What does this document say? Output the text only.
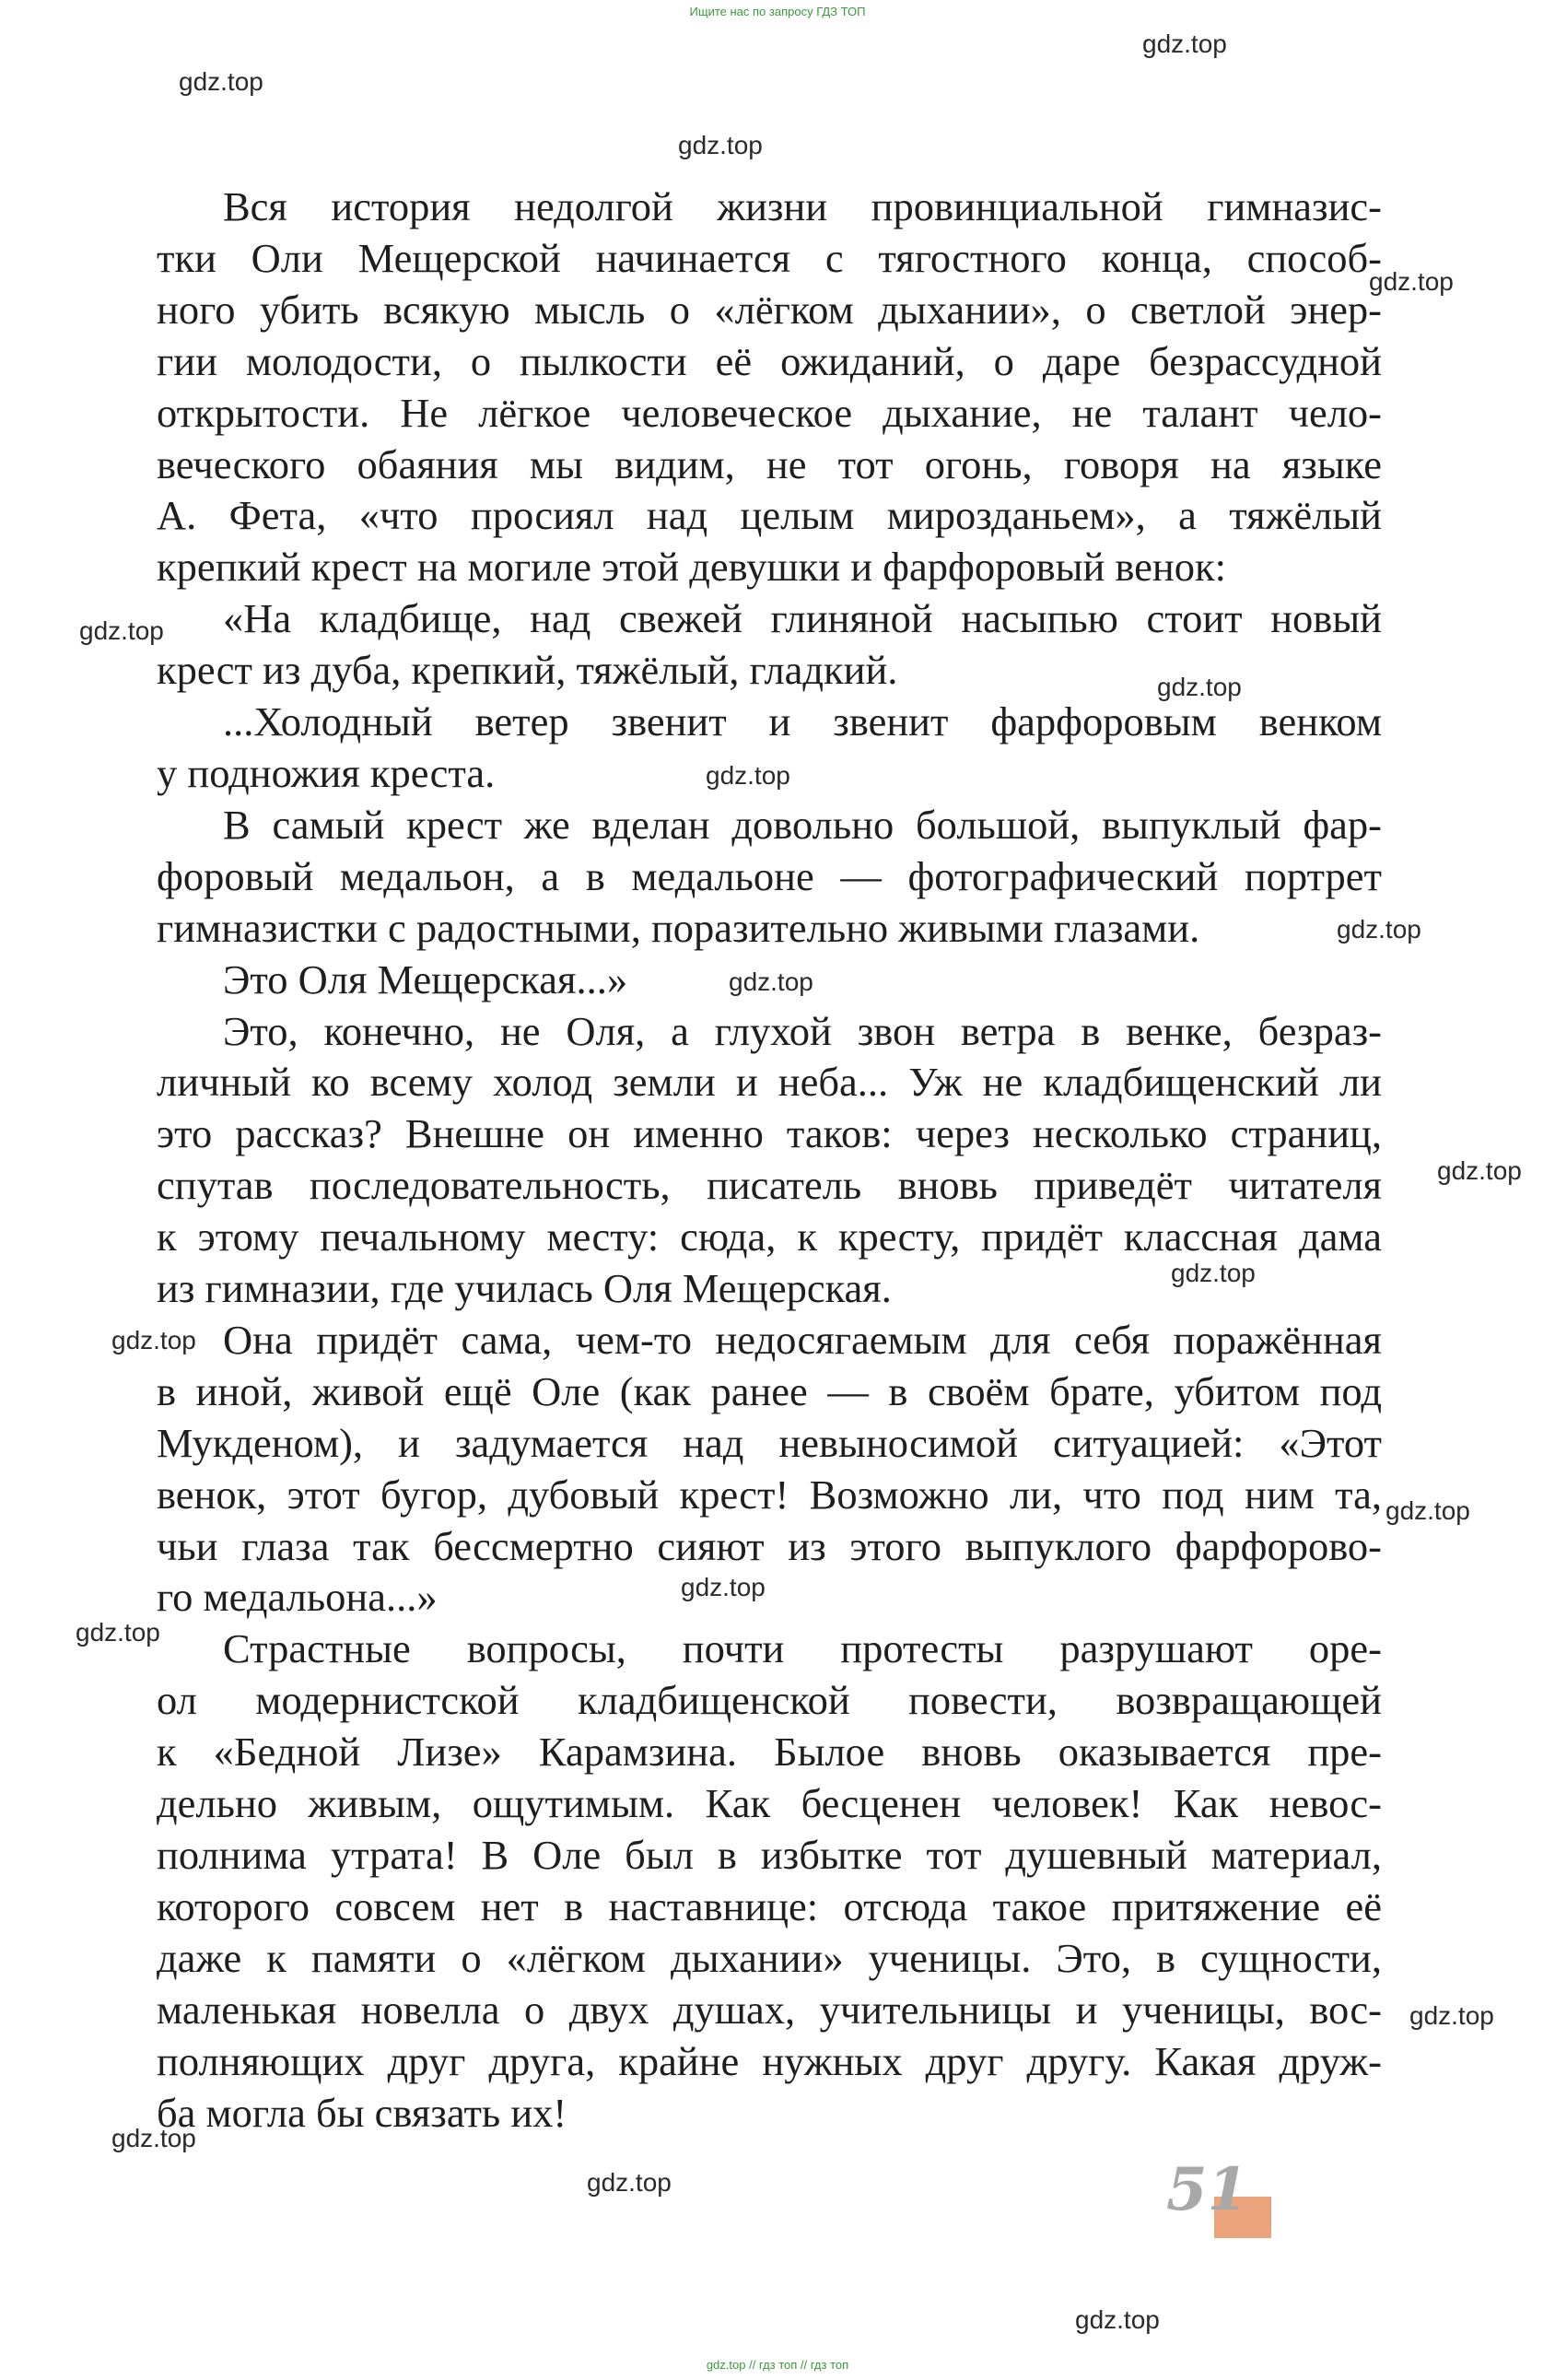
Ищите нас по запросу ГДЗ ТОП
gdz.top
gdz.top
gdz.top
gdz.top
gdz.top
gdz.top
gdz.top
gdz.top
gdz.top
gdz.top
gdz.top
gdz.top
gdz.top
gdz.top
gdz.top
gdz.top
gdz.top
gdz.top
gdz.top

Вся история недолгой жизни провинциальной гимназис-

тки Оли Мещерской начинается с тягостного конца, способ-

ного убить всякую мысль о «лёгком дыхании», о светлой энер-

гии молодости, о пылкости её ожиданий, о даре безрассудной

открытости. Не лёгкое человеческое дыхание, не талант чело-

веческого обаяния мы видим, не тот огонь, говоря на языке

А. Фета, «что просиял над целым мирозданьем», а тяжёлый

крепкий крест на могиле этой девушки и фарфоровый венок:

«На кладбище, над свежей глиняной насыпью стоит новый

крест из дуба, крепкий, тяжёлый, гладкий.

...Холодный ветер звенит и звенит фарфоровым венком

у подножия креста.

В самый крест же вделан довольно большой, выпуклый фар-

форовый медальон, а в медальоне — фотографический портрет

гимназистки с радостными, поразительно живыми глазами.

Это Оля Мещерская...»

Это, конечно, не Оля, а глухой звон ветра в венке, безраз-

личный ко всему холод земли и неба... Уж не кладбищенский ли

это рассказ? Внешне он именно таков: через несколько страниц,

спутав последовательность, писатель вновь приведёт читателя

к этому печальному месту: сюда, к кресту, придёт классная дама

из гимназии, где училась Оля Мещерская.

Она придёт сама, чем-то недосягаемым для себя поражённая

в иной, живой ещё Оле (как ранее — в своём брате, убитом под

Мукденом), и задумается над невыносимой ситуацией: «Этот

венок, этот бугор, дубовый крест! Возможно ли, что под ним та,

чьи глаза так бессмертно сияют из этого выпуклого фарфорово-

го медальона...»

Страстные вопросы, почти протесты разрушают оре-

ол модернистской кладбищенской повести, возвращающей

к «Бедной Лизе» Карамзина. Былое вновь оказывается пре-

дельно живым, ощутимым. Как бесценен человек! Как невос-

полнима утрата! В Оле был в избытке тот душевный материал,

которого совсем нет в наставнице: отсюда такое притяжение её

даже к памяти о «лёгком дыхании» ученицы. Это, в сущности,

маленькая новелла о двух душах, учительницы и ученицы, вос-

полняющих друг друга, крайне нужных друг другу. Какая друж-

ба могла бы связать их!

51
gdz.top // гдз топ // гдз топ
